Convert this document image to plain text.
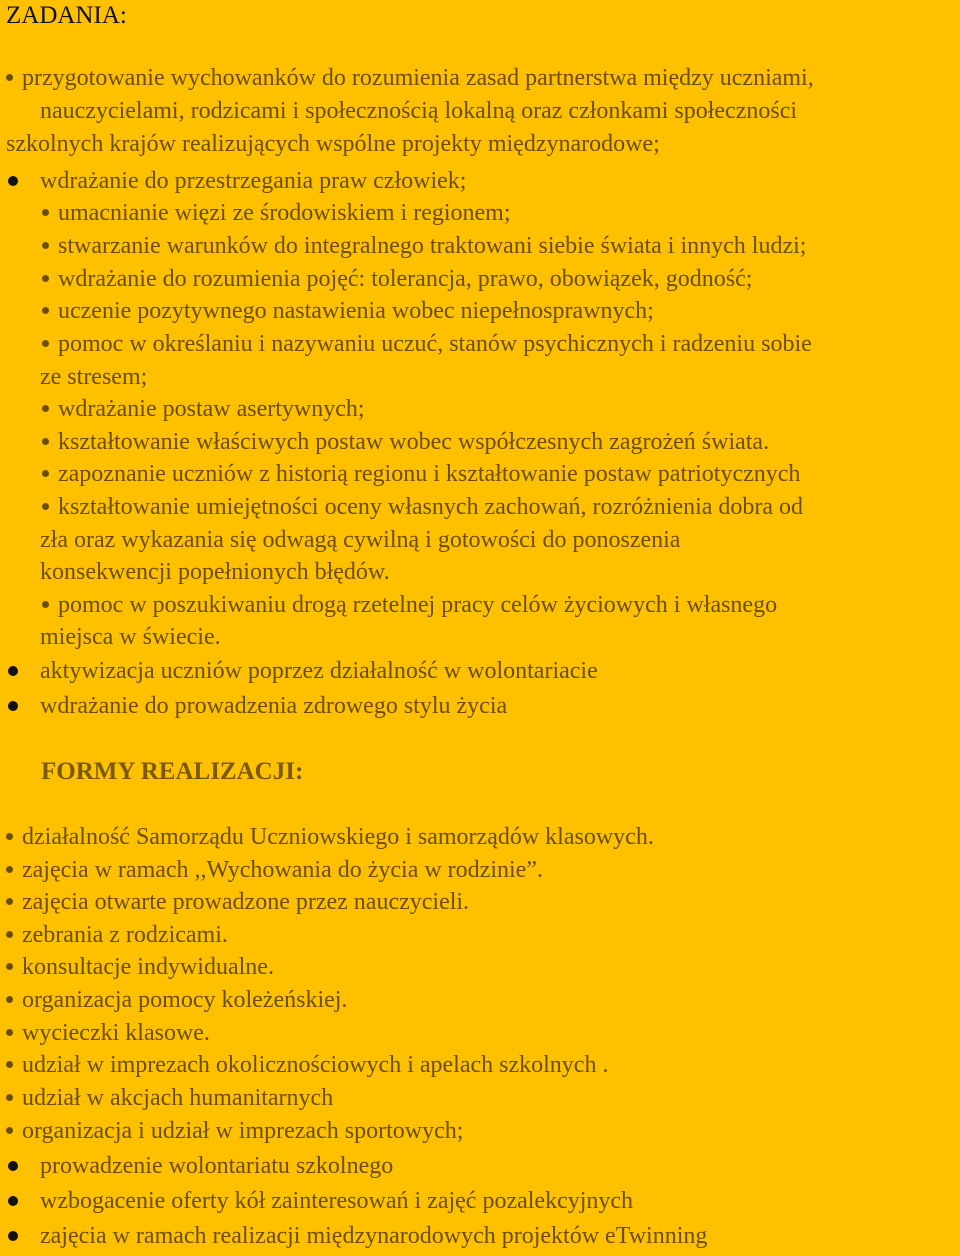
ZADANIA:
przygotowanie wychowanków do rozumienia zasad partnerstwa między uczniami,
nauczycielami, rodzicami i społecznością lokalną oraz członkami społeczności
szkolnych krajów realizujących wspólne projekty międzynarodowe;
wdrażanie do przestrzegania praw człowiek;
umacnianie więzi ze środowiskiem i regionem;
stwarzanie warunków do integralnego traktowani siebie świata i innych ludzi;
wdrażanie do rozumienia pojęć: tolerancja, prawo, obowiązek, godność;
uczenie pozytywnego nastawienia wobec niepełnosprawnych;
pomoc w określaniu i nazywaniu uczuć, stanów psychicznych i radzeniu sobie
ze stresem;
wdrażanie postaw asertywnych;
kształtowanie właściwych postaw wobec współczesnych zagrożeń świata.
zapoznanie uczniów z historią regionu i kształtowanie postaw patriotycznych
kształtowanie umiejętności oceny własnych zachowań, rozróżnienia dobra od
zła oraz wykazania się odwagą cywilną i gotowości do ponoszenia
konsekwencji popełnionych błędów.
pomoc w poszukiwaniu drogą rzetelnej pracy celów życiowych i własnego
miejsca w świecie.
aktywizacja uczniów poprzez działalność w wolontariacie
wdrażanie do prowadzenia zdrowego stylu życia
FORMY REALIZACJI:
działalność Samorządu Uczniowskiego i samorządów klasowych.
zajęcia w ramach ,,Wychowania do życia w rodzinie”.
zajęcia otwarte prowadzone przez nauczycieli.
zebrania z rodzicami.
konsultacje indywidualne.
organizacja pomocy koleżeńskiej.
wycieczki klasowe.
udział w imprezach okolicznościowych i apelach szkolnych .
udział w akcjach humanitarnych
organizacja i udział w imprezach sportowych;
prowadzenie wolontariatu szkolnego
wzbogacenie oferty kół zainteresowań i zajęć pozalekcyjnych
zajęcia w ramach realizacji międzynarodowych projektów eTwinning
